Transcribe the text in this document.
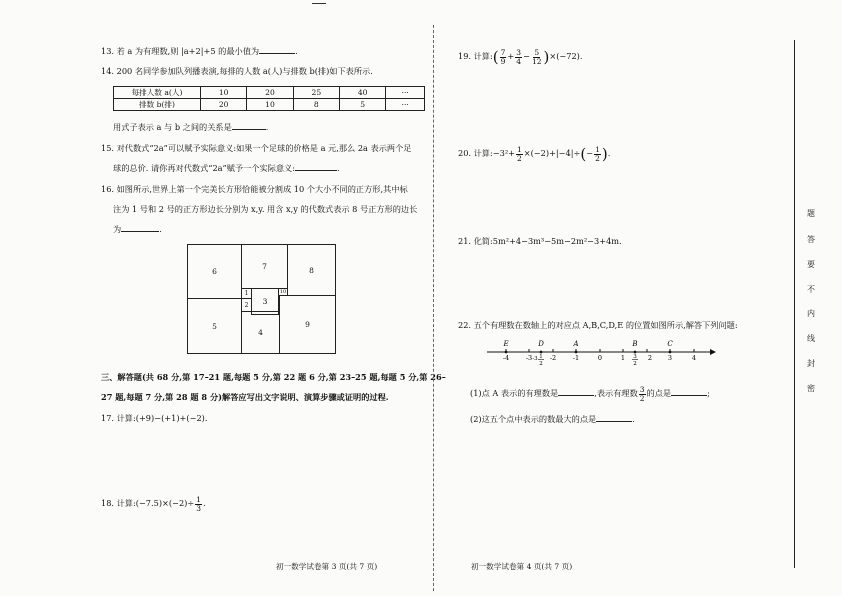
13. 若 a 为有理数,则 |a+2|+5 的最小值为	.
14. 200 名同学参加队列播表演,每排的人数 a(人)与排数 b(排)如下表所示.
每排人数 a(人)	10	20	25	40	···
排数 b(排)	20	10	8	5	···
用式子表示 a 与 b 之间的关系是	.
15. 对代数式“2a”可以赋予实际意义:如果一个足球的价格是 a 元,那么 2a 表示两个足
球的总价. 请你再对代数式“2a”赋予一个实际意义:	.
16. 如图所示,世界上第一个完美长方形恰能被分割成 10 个大小不同的正方形,其中标
注为 1 号和 2 号的正方形边长分别为 x,y. 用含 x,y 的代数式表示 8 号正方形的边长
为	.
6
7	8
1	10
2 3
5
4
9
三、解答题(共 68 分,第 17–21 题,每题 5 分,第 22 题 6 分,第 23–25 题,每题 5 分,第 26–
27 题,每题 7 分,第 28 题 8 分)解答应写出文字说明、演算步骤或证明的过程.
17. 计算:(+9)−(+1)+(−2).
18. 计算:(−7.5)×(−2)÷ $\frac{1}{3}$ .
初一数学试卷第 3 页(共 7 页)
19. 计算:( $\frac{7}{9} + \frac{3}{4} - \frac{5}{12} )\times(-72)$.
20. 计算:−3²+ $\frac{1}{2} \times(-2)+|-4|\div(- \frac{1}{2}$ ).
21. 化简:5m²+4−3m³−5m−2m²−3+4m.
22. 五个有理数在数轴上的对应点 A,B,C,D,E 的位置如图所示,解答下列问题:
-4	-3	-2	-1	0	1	2 3	4
E	D	A	B	C
-3 1
2
3
2
(1)点 A 表示的有理数是	,表示有理数 $\frac{3}{2}$ 的点是	;
(2)这五个点中表示的数最大的点是	.
初一数学试卷第 4 页(共 7 页)
题
答
要
不
内
线
封
密
